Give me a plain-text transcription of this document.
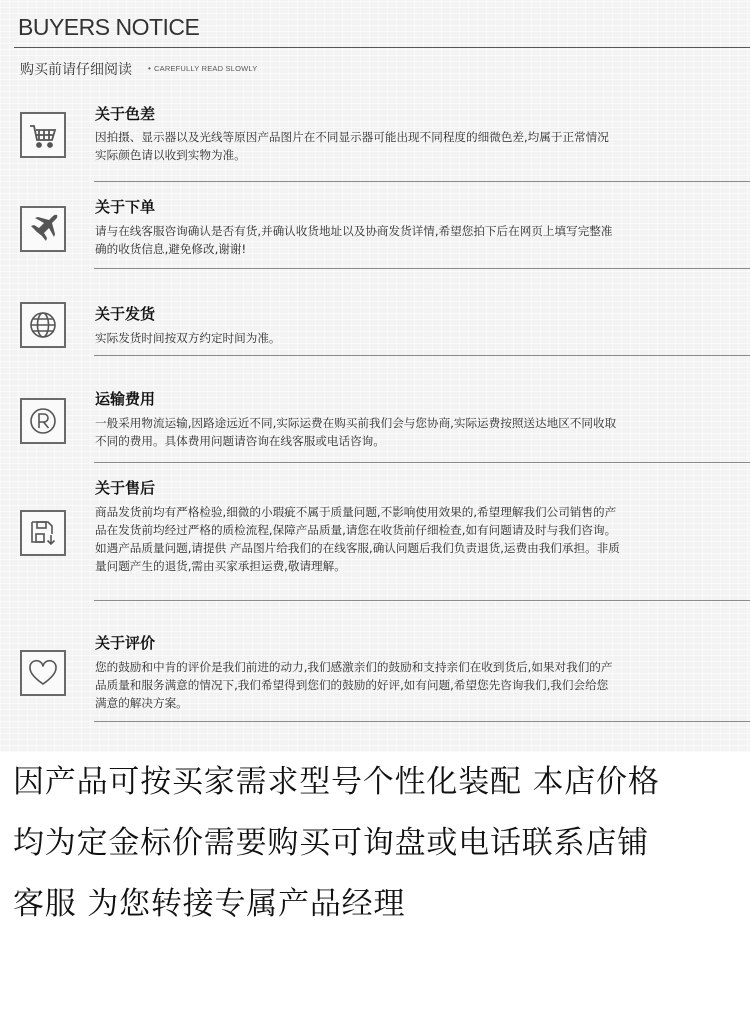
BUYERS NOTICE
购买前请仔细阅读
•	CAREFULLY READ SLOWLY
关于色差
因拍摄、显示器以及光线等原因产品图片在不同显示器可能出现不同程度的细微色差,均属于正常情况
实际颜色请以收到实物为准。
关于下单
请与在线客服咨询确认是否有货,并确认收货地址以及协商发货详情,希望您拍下后在网页上填写完整准
确的收货信息,避免修改,谢谢!
关于发货
实际发货时间按双方约定时间为准。
运输费用
一般采用物流运输,因路途远近不同,实际运费在购买前我们会与您协商,实际运费按照送达地区不同收取
不同的费用。具体费用问题请咨询在线客服或电话咨询。
关于售后
商品发货前均有严格检验,细微的小瑕疵不属于质量问题,不影响使用效果的,希望理解我们公司销售的产
品在发货前均经过严格的质检流程,保障产品质量,请您在收货前仔细检查,如有问题请及时与我们咨询。
如遇产品质量问题,请提供 产品图片给我们的在线客服,确认问题后我们负责退货,运费由我们承担。非质
量问题产生的退货,需由买家承担运费,敬请理解。
关于评价
您的鼓励和中肯的评价是我们前进的动力,我们感激亲们的鼓励和支持亲们在收到货后,如果对我们的产
品质量和服务满意的情况下,我们希望得到您们的鼓励的好评,如有问题,希望您先咨询我们,我们会给您
满意的解决方案。
因产品可按买家需求型号个性化装配 本店价格
均为定金标价需要购买可询盘或电话联系店铺
客服 为您转接专属产品经理
